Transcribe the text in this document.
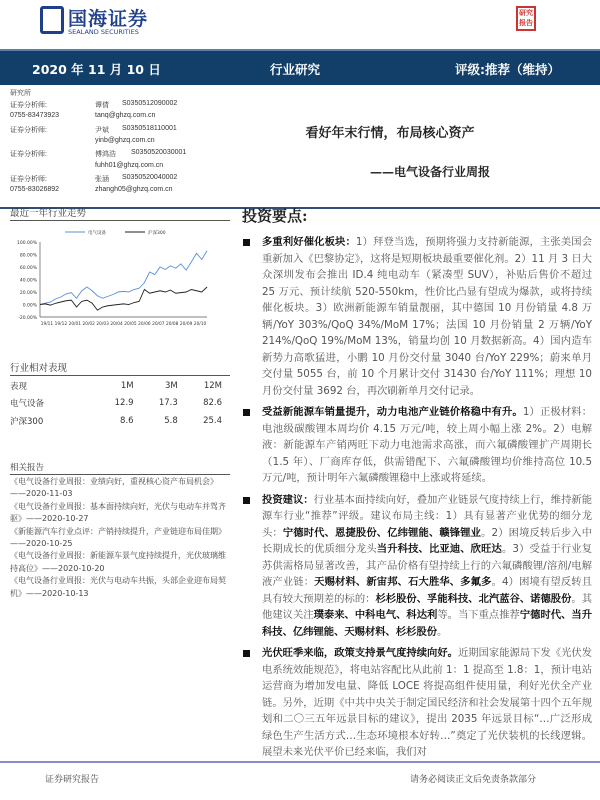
国海证券
SEALAND SECURITIES
研究报告
2020 年 11 月 10 日	行业研究	评级:推荐（维持）
研究所
证券分析师:	谭倩 S0350512090002
0755-83473923	tanq@ghzq.com.cn
证券分析师:	尹斌 S0350518110001
yinb@ghzq.com.cn
证券分析师:	傅鸿浩 S0350520030001
fuhh01@ghzq.com.cn
证券分析师:	张涵 S0350520040002
0755-83026892	zhangh05@ghzq.com.cn
看好年末行情，布局核心资产
——电气设备行业周报
最近一年行业走势
100.00%
80.00%
60.00%
40.00%
20.00%
0.00%
-20.00%
19/11 19/12 20/01 20/02 20/03 20/04 20/05 20/06 20/07 20/08 20/09 20/10
电气设备	沪深300
行业相对表现
表现	1M	3M	12M
电气设备	12.9	17.3	82.6
沪深300	8.6	5.8	25.4
相关报告
《电气设备行业周报：业绩向好，重视核心资产布局机会》——2020-11-03
《电气设备行业周报：基本面持续向好，光伏与电动车并驾齐驱》——2020-10-27
《新能源汽车行业点评：产销持续提升，产业链迎布局佳期》——2020-10-25
《电气设备行业周报：新能源车景气度持续提升，光伏玻璃维持高位》——2020-10-20
《电气设备行业周报：光伏与电动车共振，头部企业迎布局契机》——2020-10-13
投资要点:
多重利好催化板块：1）拜登当选，预期将强力支持新能源，主张美国会重新加入《巴黎协定》，这将是短期板块最重要催化剂。2）11 月 3 日大众深圳发布会推出 ID.4 纯电动车（紧凑型 SUV），补贴后售价不超过 25 万元、预计续航 520-550km，性价比凸显有望成为爆款，或将持续催化板块。3）欧洲新能源车销量靓丽，其中德国 10 月份销量 4.8 万辆/YoY 303%/QoQ 34%/MoM 17%；法国 10 月份销量 2 万辆/YoY 214%/QoQ 19%/MoM 13%，销量均创 10 月数据新高。4）国内造车新势力高歌猛进，小鹏 10 月份交付量 3040 台/YoY 229%；蔚来单月交付量 5055 台，前 10 个月累计交付 31430 台/YoY 111%；理想 10 月份交付量 3692 台，再次刷新单月交付记录。
受益新能源车销量提升，动力电池产业链价格稳中有升。1）正极材料：电池级碳酸锂本周均价 4.15 万元/吨，较上周小幅上涨 2%。2）电解液：新能源车产销两旺下动力电池需求高涨，而六氟磷酸锂扩产周期长（1.5 年）、厂商库存低，供需错配下、六氟磷酸锂均价维持高位 10.5 万元/吨，预计明年六氟磷酸锂稳中上涨或将延续。
投资建议：行业基本面持续向好，叠加产业链景气度持续上行，维持新能源车行业“推荐”评级。建议布局主线：1）具有显著产业优势的细分龙头：宁德时代、恩捷股份、亿纬锂能、赣锋锂业。2）困境反转后步入中长期成长的优质细分龙头当升科技、比亚迪、欣旺达。3）受益于行业复苏供需格局显著改善，其产品价格有望持续上行的六氟磷酸锂/溶剂/电解液产业链：天赐材料、新宙邦、石大胜华、多氟多。4）困境有望反转且具有较大预期差的标的：杉杉股份、孚能科技、北汽蓝谷、诺德股份。其他建议关注璞泰来、中科电气、科达利等。当下重点推荐宁德时代、当升科技、亿纬锂能、天赐材料、杉杉股份。
光伏旺季来临，政策支持景气度持续向好。近期国家能源局下发《光伏发电系统效能规范》，将电站容配比从此前 1：1 提高至 1.8：1，预计电站运营商为增加发电量、降低 LOCE 将提高组件使用量，利好光伏全产业链。另外，近期《中共中央关于制定国民经济和社会发展第十四个五年规划和二〇三五年远景目标的建议》，提出 2035 年远景目标“…广泛形成绿色生产生活方式…生态环境根本好转…”奠定了光伏装机的长线逻辑。展望未来光伏平价已经来临，我们对
证券研究报告	请务必阅读正文后免责条款部分
